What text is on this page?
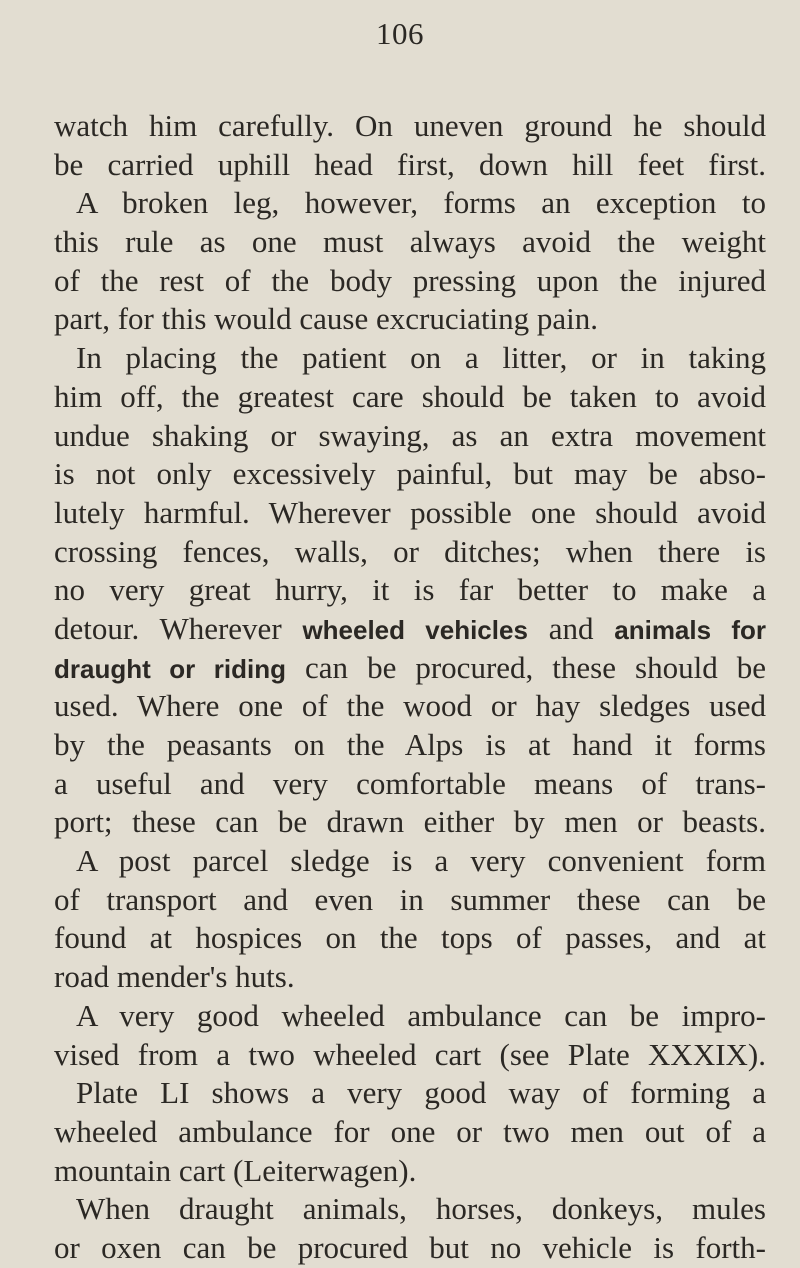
106
watch him carefully. On uneven ground he should
be carried uphill head first, down hill feet first.
A broken leg, however, forms an exception to
this rule as one must always avoid the weight
of the rest of the body pressing upon the injured
part, for this would cause excruciating pain.
In placing the patient on a litter, or in taking
him off, the greatest care should be taken to avoid
undue shaking or swaying, as an extra movement
is not only excessively painful, but may be abso-
lutely harmful. Wherever possible one should avoid
crossing fences, walls, or ditches; when there is
no very great hurry, it is far better to make a
detour. Wherever wheeled vehicles and animals for
draught or riding can be procured, these should be
used. Where one of the wood or hay sledges used
by the peasants on the Alps is at hand it forms
a useful and very comfortable means of trans-
port; these can be drawn either by men or beasts.
A post parcel sledge is a very convenient form
of transport and even in summer these can be
found at hospices on the tops of passes, and at
road mender's huts.
A very good wheeled ambulance can be impro-
vised from a two wheeled cart (see Plate XXXIX).
Plate LI shows a very good way of forming a
wheeled ambulance for one or two men out of a
mountain cart (Leiterwagen).
When draught animals, horses, donkeys, mules
or oxen can be procured but no vehicle is forth-
